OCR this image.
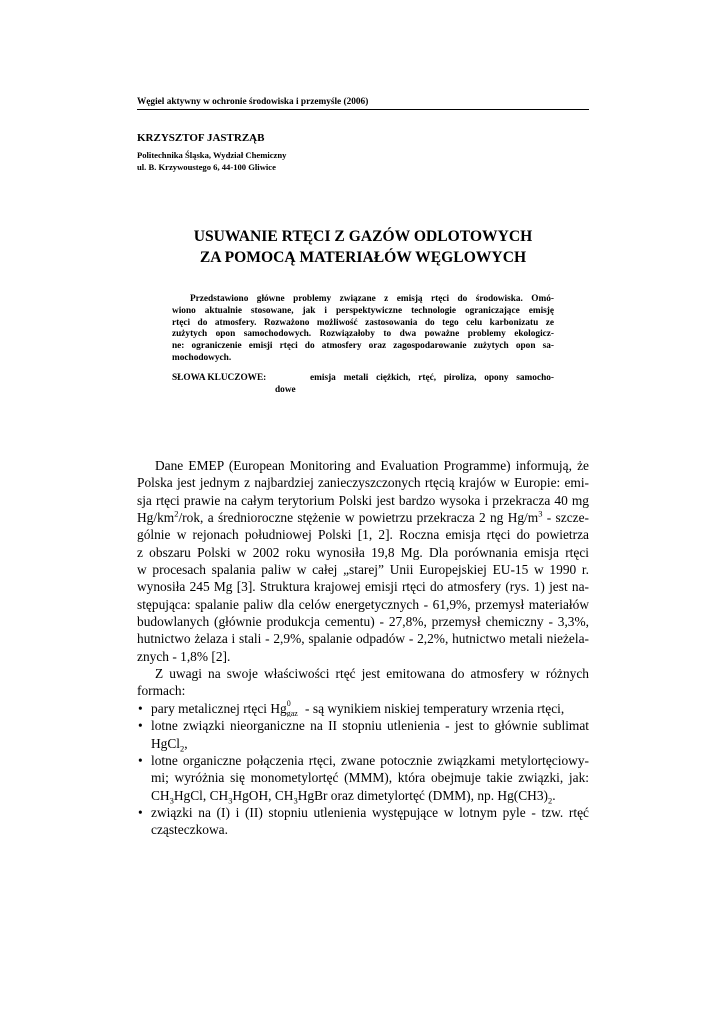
Węgiel aktywny w ochronie środowiska i przemyśle (2006)
KRZYSZTOF JASTRZĄB
Politechnika Śląska, Wydział Chemiczny
ul. B. Krzywoustego 6, 44-100 Gliwice
USUWANIE RTĘCI Z GAZÓW ODLOTOWYCH
ZA POMOCĄ MATERIAŁÓW WĘGLOWYCH

Przedstawiono główne problemy związane z emisją rtęci do środowiska. Omó-

wiono aktualnie stosowane, jak i perspektywiczne technologie ograniczające emisję

rtęci do atmosfery. Rozważono możliwość zastosowania do tego celu karbonizatu ze

zużytych opon samochodowych. Rozwiązałoby to dwa poważne problemy ekologicz-

ne: ograniczenie emisji rtęci do atmosfery oraz zagospodarowanie zużytych opon sa-

mochodowych.

SŁOWA KLUCZOWE:	emisja metali ciężkich, rtęć, piroliza, opony samocho-
dowe
Dane EMEP (European Monitoring and Evaluation Programme) informują, że
Polska jest jednym z najbardziej zanieczyszczonych rtęcią krajów w Europie: emi-
sja rtęci prawie na całym terytorium Polski jest bardzo wysoka i przekracza 40 mg
$Hg/km^2$/rok, a średnioroczne stężenie w powietrzu przekracza 2 ng $Hg/m^3$ - szcze-
gólnie w rejonach południowej Polski [1, 2]. Roczna emisja rtęci do powietrza
z obszaru Polski w 2002 roku wynosiła 19,8 Mg. Dla porównania emisja rtęci
w procesach spalania paliw w całej „starej” Unii Europejskiej EU-15 w 1990 r.
wynosiła 245 Mg [3]. Struktura krajowej emisji rtęci do atmosfery (rys. 1) jest na-
stępująca: spalanie paliw dla celów energetycznych - 61,9%, przemysł materiałów
budowlanych (głównie produkcja cementu) - 27,8%, przemysł chemiczny - 3,3%,
hutnictwo żelaza i stali - 2,9%, spalanie odpadów - 2,2%, hutnictwo metali nieżela-
znych - 1,8% [2].
Z uwagi na swoje właściwości rtęć jest emitowana do atmosfery w różnych
formach:
• pary metalicznej rtęci Hg 0
gaz - są wynikiem niskiej temperatury wrzenia rtęci,
• lotne związki nieorganiczne na II stopniu utlenienia - jest to głównie sublimat
HgCl$_2$,
• lotne organiczne połączenia rtęci, zwane potocznie związkami metylortęciowy-
mi; wyróżnia się monometylortęć (MMM), która obejmuje takie związki, jak:
$CH_3HgCl$, $CH_3HgOH$, $CH_3HgBr$ oraz dimetylortęć (DMM), np. $Hg(CH3)_2$.
• związki na (I) i (II) stopniu utlenienia występujące w lotnym pyle - tzw. rtęć
cząsteczkowa.
